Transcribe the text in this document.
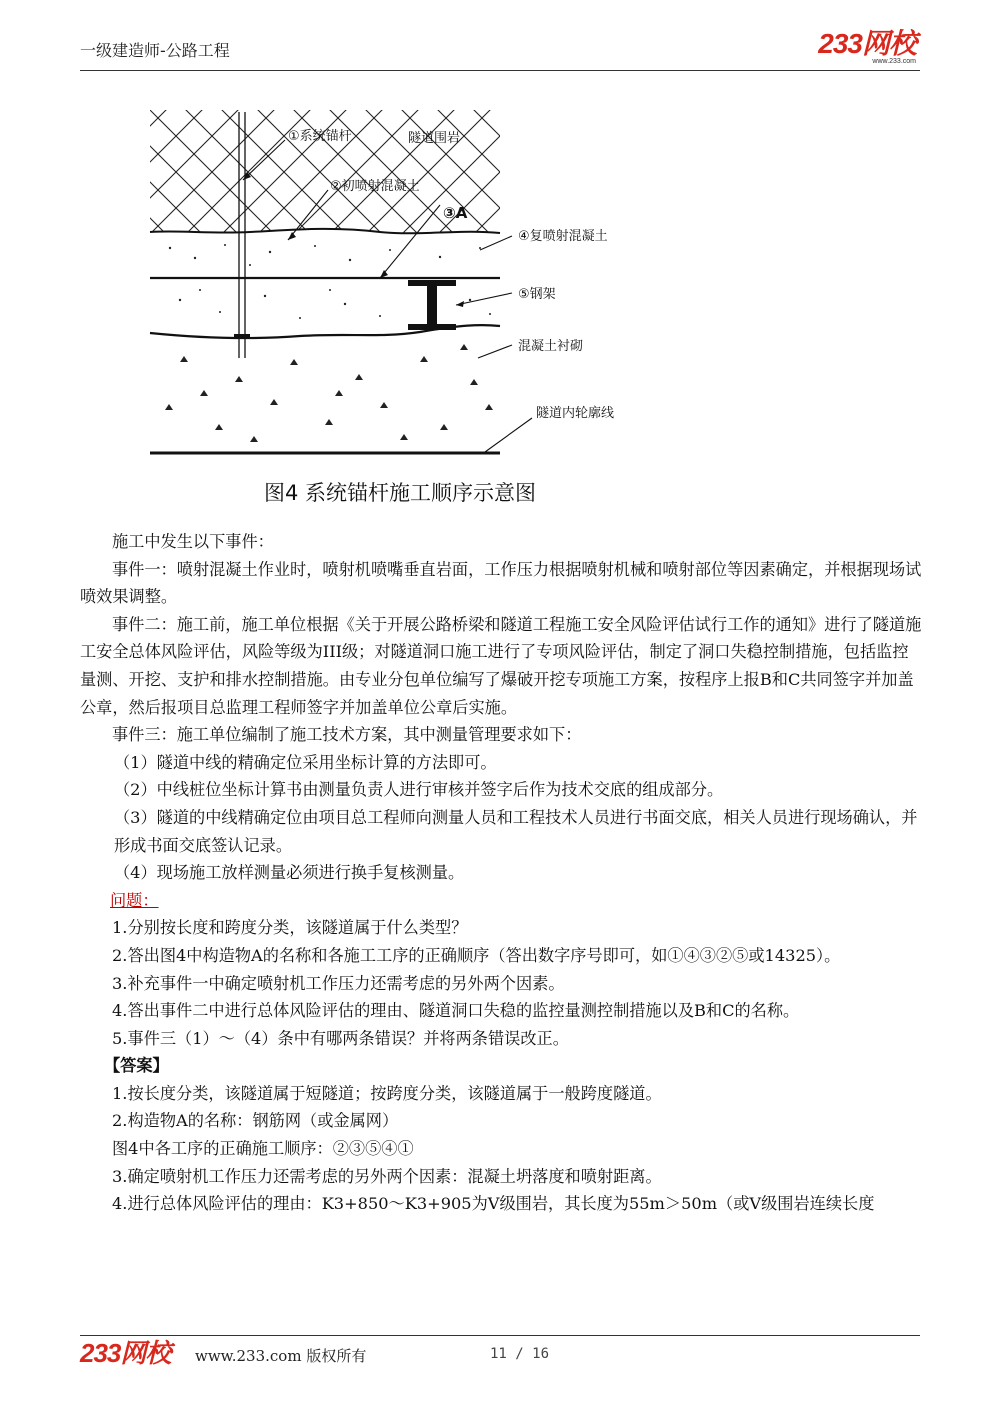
一级建造师-公路工程	233网校
www.233.com
①系统锚杆	隧道围岩
②初喷射混凝土
③A
④复喷射混凝土
⑤钢架
混凝土衬砌
隧道内轮廓线
图4 系统锚杆施工顺序示意图

施工中发生以下事件：

事件一：喷射混凝土作业时，喷射机喷嘴垂直岩面，工作压力根据喷射机械和喷射部位等因素确定，并根据现场试喷效果调整。

事件二：施工前，施工单位根据《关于开展公路桥梁和隧道工程施工安全风险评估试行工作的通知》进行了隧道施工安全总体风险评估，风险等级为III级；对隧道洞口施工进行了专项风险评估，制定了洞口失稳控制措施，包括监控量测、开挖、支护和排水控制措施。由专业分包单位编写了爆破开挖专项施工方案，按程序上报B和C共同签字并加盖公章，然后报项目总监理工程师签字并加盖单位公章后实施。

事件三：施工单位编制了施工技术方案，其中测量管理要求如下：

（1）隧道中线的精确定位采用坐标计算的方法即可。

（2）中线桩位坐标计算书由测量负责人进行审核并签字后作为技术交底的组成部分。

（3）隧道的中线精确定位由项目总工程师向测量人员和工程技术人员进行书面交底，相关人员进行现场确认，并形成书面交底签认记录。

（4）现场施工放样测量必须进行换手复核测量。

问题：

1.分别按长度和跨度分类，该隧道属于什么类型？

2.答出图4中构造物A的名称和各施工工序的正确顺序（答出数字序号即可，如①④③②⑤或14325）。

3.补充事件一中确定喷射机工作压力还需考虑的另外两个因素。

4.答出事件二中进行总体风险评估的理由、隧道洞口失稳的监控量测控制措施以及B和C的名称。

5.事件三（1）～（4）条中有哪两条错误？并将两条错误改正。

【答案】

1.按长度分类，该隧道属于短隧道；按跨度分类，该隧道属于一般跨度隧道。

2.构造物A的名称：钢筋网（或金属网）

图4中各工序的正确施工顺序：②③⑤④①

3.确定喷射机工作压力还需考虑的另外两个因素：混凝土坍落度和喷射距离。

4.进行总体风险评估的理由：K3+850～K3+905为V级围岩，其长度为55m＞50m（或V级围岩连续长度

233网校 www.233.com 版权所有	11 / 16
